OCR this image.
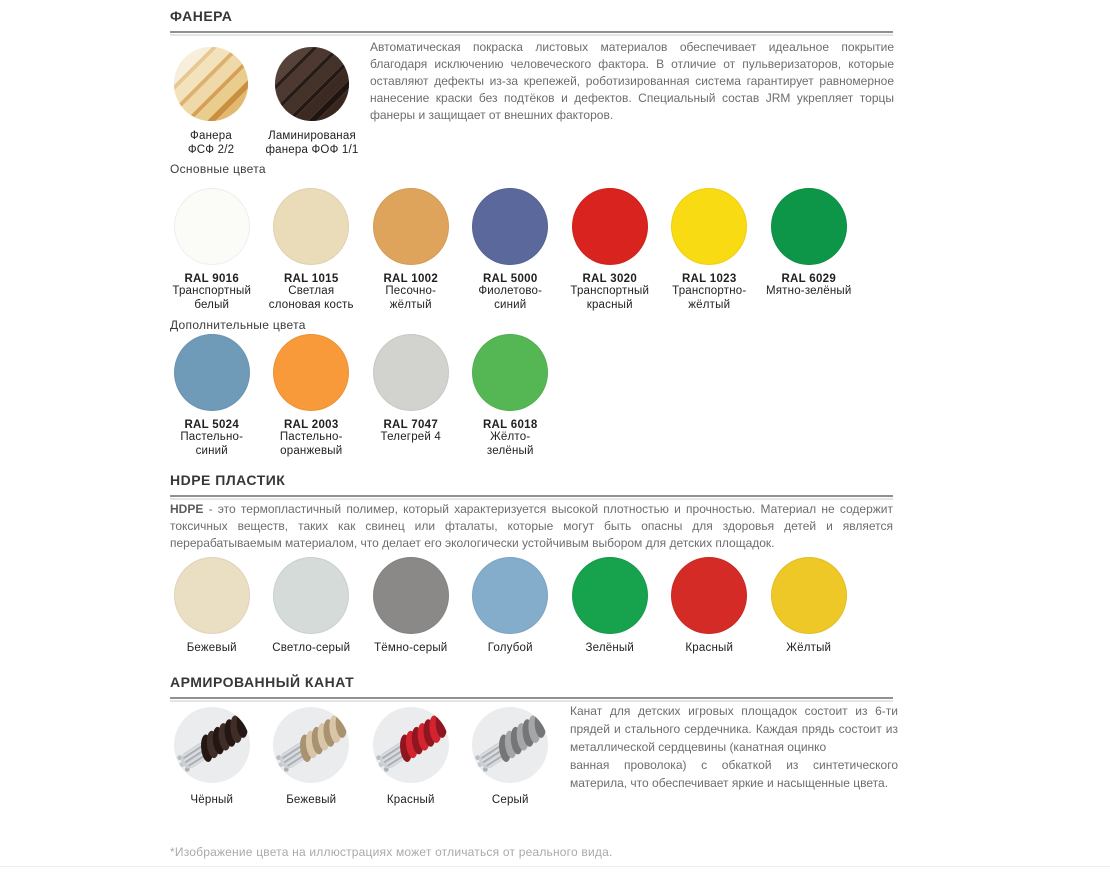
ФАНЕРА
Фанера
ФСФ 2/2
Ламинированая
фанера ФОФ 1/1
Автоматическая покраска листовых материалов обеспечивает идеальное покрытие
благодаря исключению человеческого фактора. В отличие от пульверизаторов, которые
оставляют дефекты из-за крепежей, роботизированная система гарантирует равномерное
нанесение краски без подтёков и дефектов. Специальный состав JRM укрепляет торцы
фанеры и защищает от внешних факторов.
Основные цвета
RAL 9016
Транспортный
белый
RAL 1015
Светлая
слоновая кость
RAL 1002
Песочно-
жёлтый
RAL 5000
Фиолетово-
синий
RAL 3020
Транспортный
красный
RAL 1023
Транспортно-
жёлтый
RAL 6029
Мятно-зелёный
Дополнительные цвета
RAL 5024
Пастельно-
синий
RAL 2003
Пастельно-
оранжевый
RAL 7047
Телегрей 4
RAL 6018
Жёлто-
зелёный
HDPE ПЛАСТИК
HDPE - это термопластичный полимер, который характеризуется высокой плотностью и прочностью. Материал не содержит
токсичных веществ, таких как свинец или фталаты, которые могут быть опасны для здоровья детей и является
перерабатываемым материалом, что делает его экологически устойчивым выбором для детских площадок.
Бежевый	Светло-серый	Тёмно-серый	Голубой	Зелёный	Красный	Жёлтый
АРМИРОВАННЫЙ КАНАТ
Чёрный	Бежевый	Красный	Серый
Канат для детских игровых площадок состоит из 6-ти
прядей и стального сердечника. Каждая прядь состоит из
металлической сердцевины (канатная оцинко
ванная проволока) с обкаткой из синтетического
материла, что обеспечивает яркие и насыщенные цвета.
*Изображение цвета на иллюстрациях может отличаться от реального вида.
